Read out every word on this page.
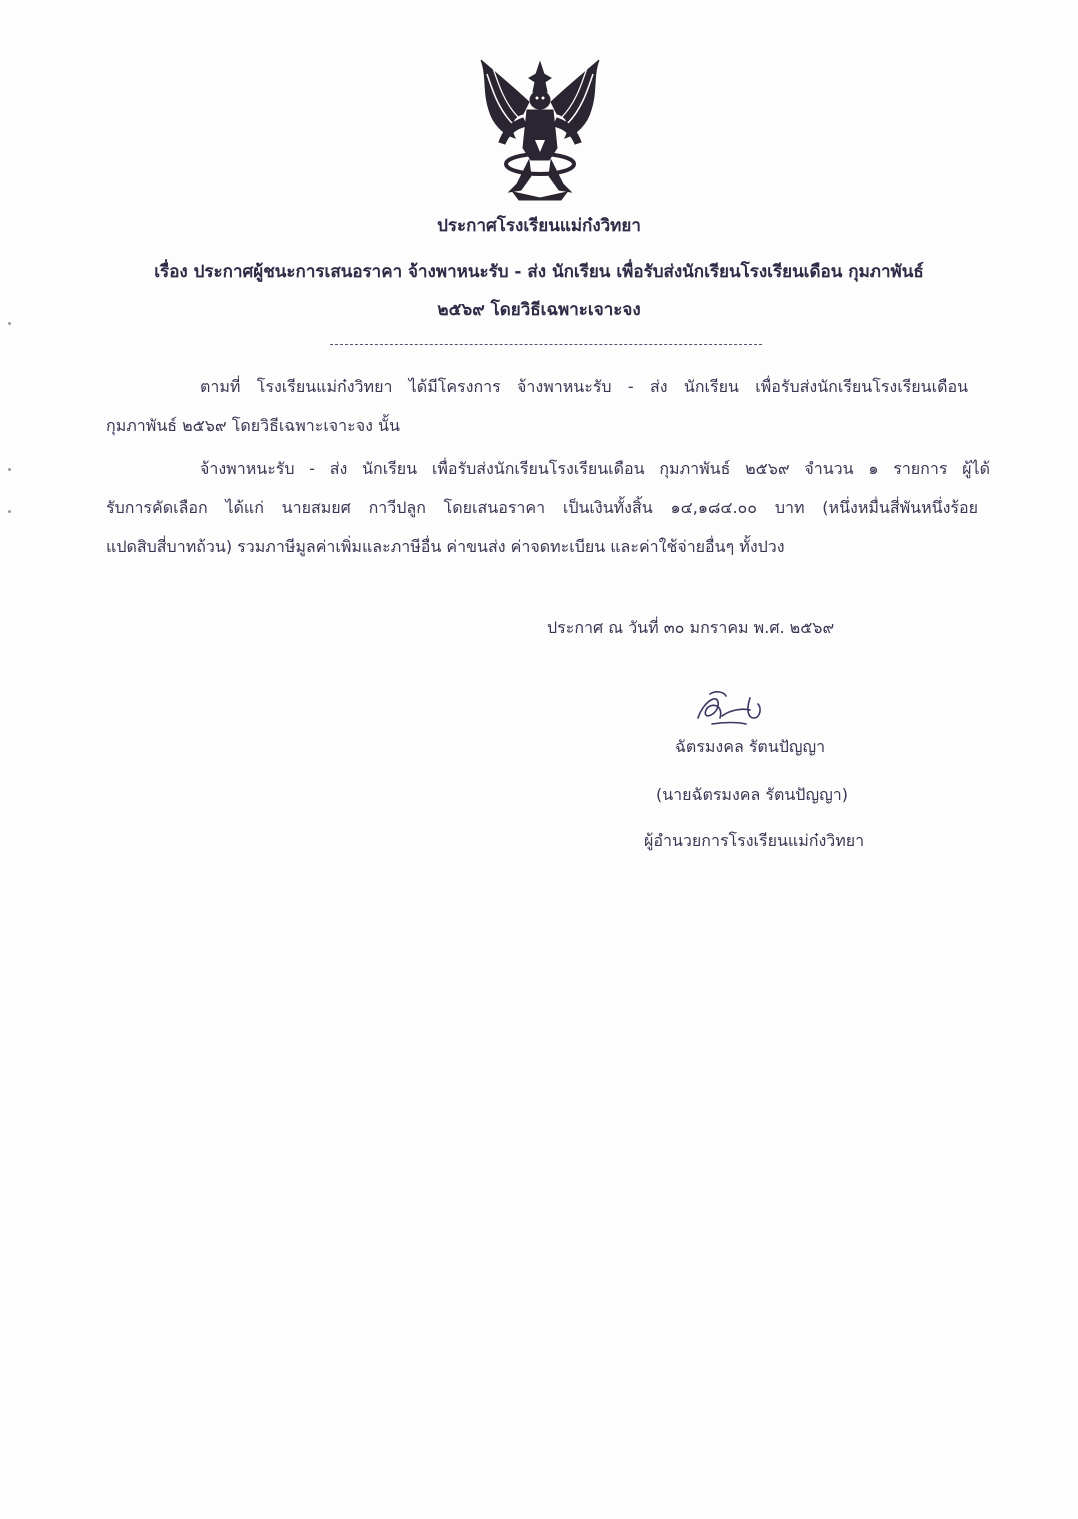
ประกาศโรงเรียนแม่ก๋งวิทยา
เรื่อง ประกาศผู้ชนะการเสนอราคา จ้างพาหนะรับ - ส่ง นักเรียน เพื่อรับส่งนักเรียนโรงเรียนเดือน กุมภาพันธ์
๒๕๖๙ โดยวิธีเฉพาะเจาะจง
ตามที่ โรงเรียนแม่ก๋งวิทยา ได้มีโครงการ จ้างพาหนะรับ - ส่ง นักเรียน เพื่อรับส่งนักเรียนโรงเรียนเดือน
กุมภาพันธ์ ๒๕๖๙ โดยวิธีเฉพาะเจาะจง นั้น
จ้างพาหนะรับ - ส่ง นักเรียน เพื่อรับส่งนักเรียนโรงเรียนเดือน กุมภาพันธ์ ๒๕๖๙ จำนวน ๑ รายการ ผู้ได้
รับการคัดเลือก ได้แก่ นายสมยศ กาวีปลูก โดยเสนอราคา เป็นเงินทั้งสิ้น ๑๔,๑๘๔.๐๐ บาท (หนึ่งหมื่นสี่พันหนึ่งร้อย
แปดสิบสี่บาทถ้วน) รวมภาษีมูลค่าเพิ่มและภาษีอื่น ค่าขนส่ง ค่าจดทะเบียน และค่าใช้จ่ายอื่นๆ ทั้งปวง
ประกาศ ณ วันที่ ๓๐ มกราคม พ.ศ. ๒๕๖๙
ฉัตรมงคล รัตนปัญญา
(นายฉัตรมงคล รัตนปัญญา)
ผู้อำนวยการโรงเรียนแม่ก๋งวิทยา
